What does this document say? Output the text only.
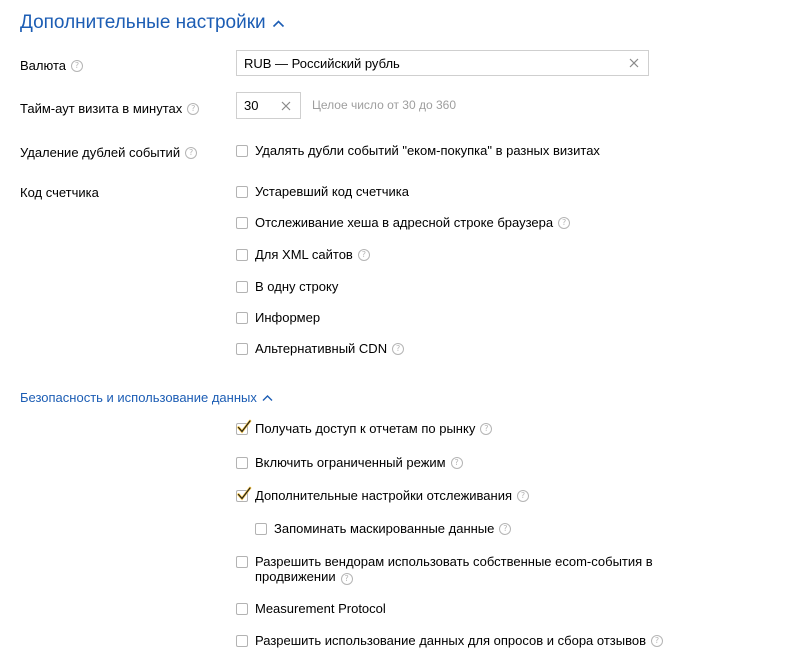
Дополнительные настройки
Валюта	?	RUB — Российский рубль
Тайм-аут визита в минутах	?	30	Целое число от 30 до 360
Удаление дублей событий	?	Удалять дубли событий "еком-покупка" в разных визитах
Код счетчика	Устаревший код счетчика
Отслеживание хеша в адресной строке браузера	?
Для XML сайтов	?
В одну строку
Информер
Альтернативный CDN	?
Безопасность и использование данных
Получать доступ к отчетам по рынку	?
Включить ограниченный режим	?
Дополнительные настройки отслеживания	?
Запоминать маскированные данные	?
Разрешить вендорам использовать собственные ecom-события в
продвижении ?
Measurement Protocol
Разрешить использование данных для опросов и сбора отзывов	?
